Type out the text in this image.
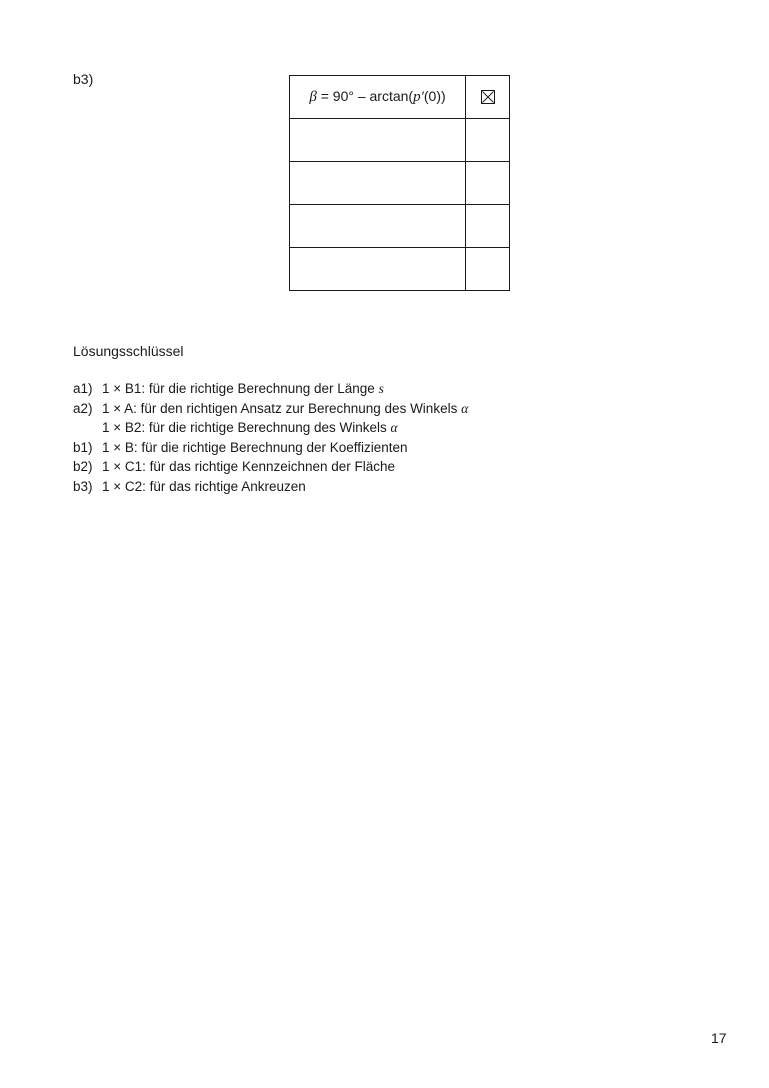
b3)
β = 90° – arctan(p′(0))	

Lösungsschlüssel
a1) 1 × B1: für die richtige Berechnung der Länge s
a2) 1 × A: für den richtigen Ansatz zur Berechnung des Winkels α
1 × B2: für die richtige Berechnung des Winkels α
b1) 1 × B: für die richtige Berechnung der Koeffizienten
b2) 1 × C1: für das richtige Kennzeichnen der Fläche
b3) 1 × C2: für das richtige Ankreuzen
17
